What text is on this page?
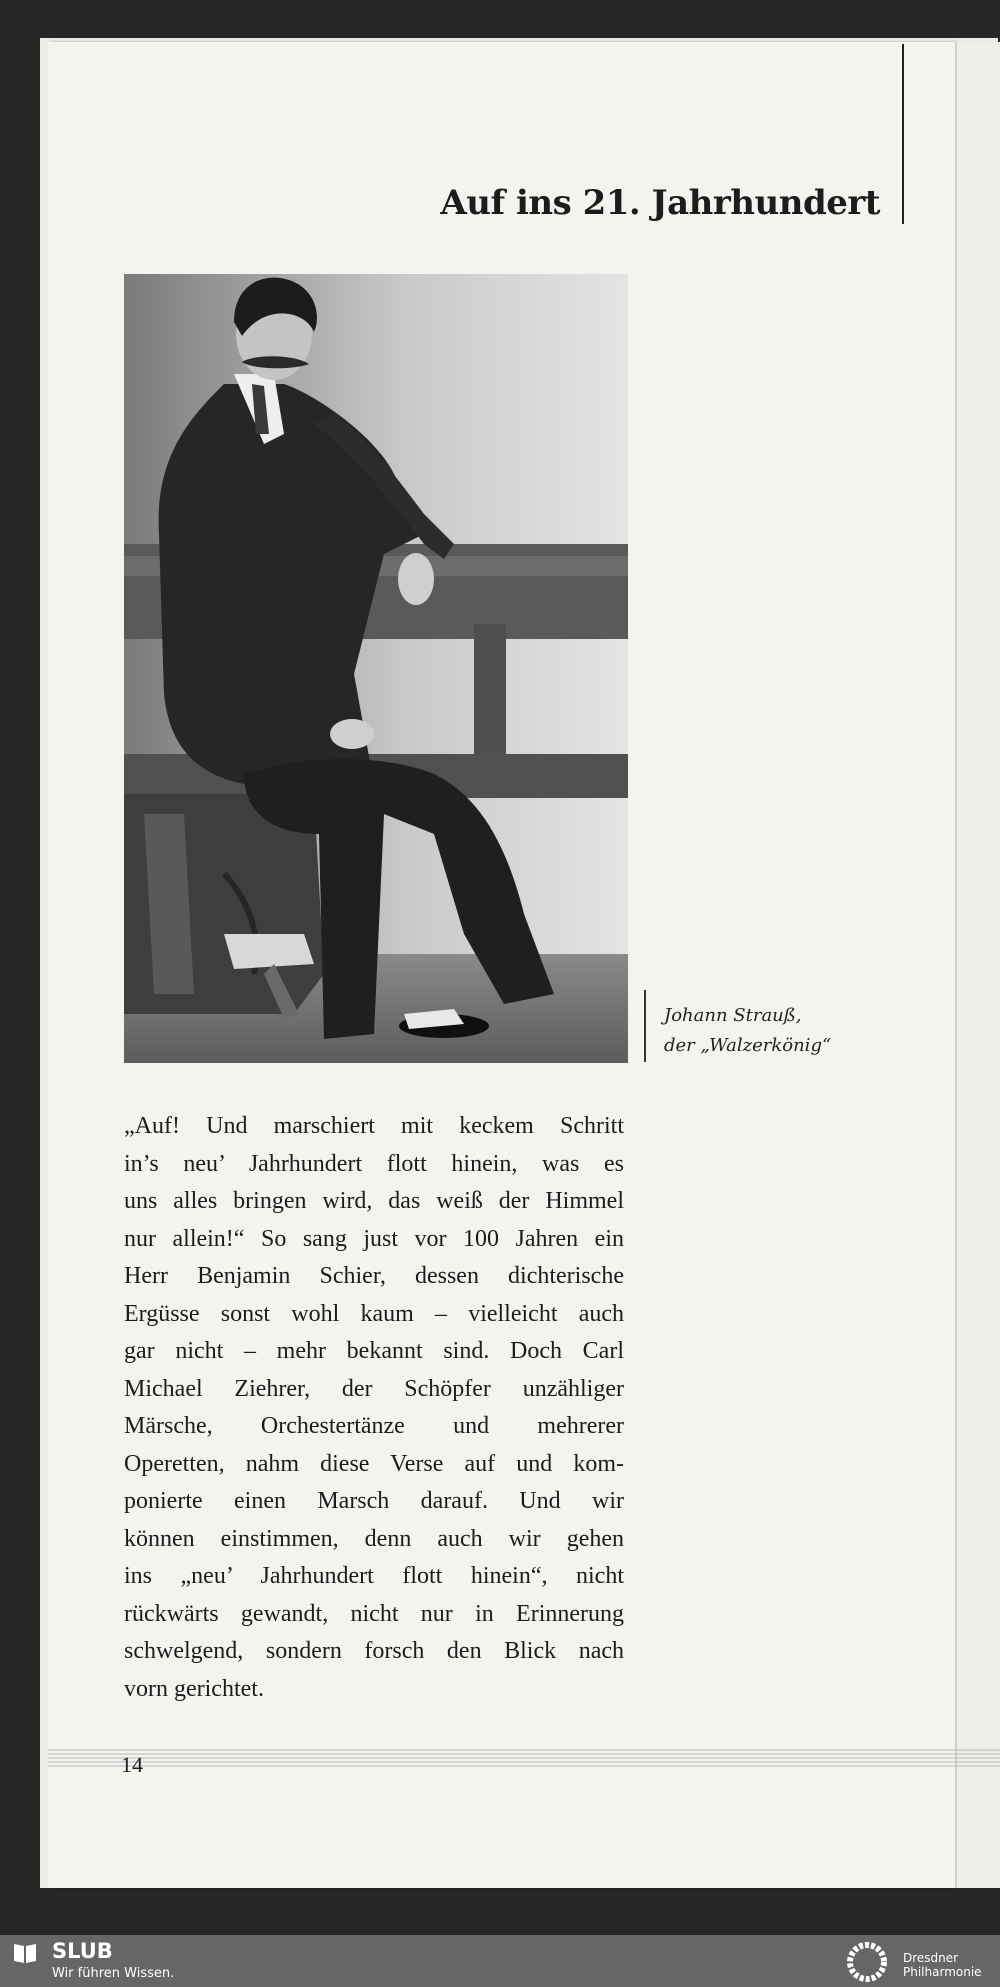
Auf ins 21. Jahrhundert
Johann Strauß,
der „Walzerkönig“
„Auf! Und marschiert mit keckem Schritt
in’s neu’ Jahrhundert flott hinein, was es
uns alles bringen wird, das weiß der Himmel
nur allein!“ So sang just vor 100 Jahren ein
Herr Benjamin Schier, dessen dichterische
Ergüsse sonst wohl kaum – vielleicht auch
gar nicht – mehr bekannt sind. Doch Carl
Michael Ziehrer, der Schöpfer unzähliger
Märsche, Orchestertänze und mehrerer
Operetten, nahm diese Verse auf und kom-
ponierte einen Marsch darauf. Und wir
können einstimmen, denn auch wir gehen
ins „neu’ Jahrhundert flott hinein“, nicht
rückwärts gewandt, nicht nur in Erinnerung
schwelgend, sondern forsch den Blick nach
vorn gerichtet.
14
SLUB
Wir führen Wissen.
Dresdner
Philharmonie
